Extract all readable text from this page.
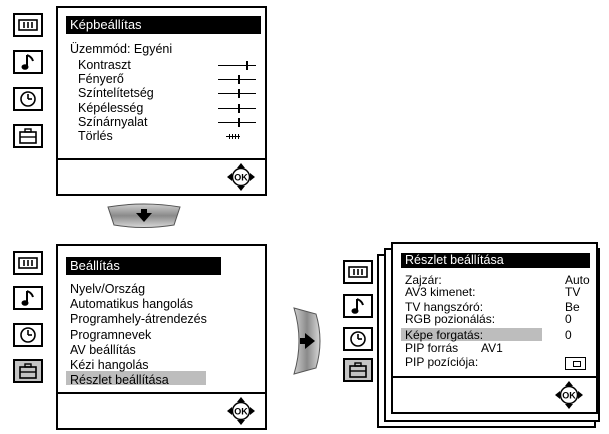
Képbeállítas
Üzemmód: Egyéni
Kontraszt
Fényerő
Színtelítetség
Képélesség
Színárnyalat
Törlés
OK
Beállítás
Nyelv/Ország
Automatikus hangolás
Programhely-átrendezés
Programnevek
AV beállítás
Kézi hangolás
Részlet beállítása
OK
Részlet beállítása
Zajzár:	Auto
AV3 kimenet:	TV
TV hangszóró:	Be
RGB pozionálás:	0
Képe forgatás:	0
PIP forrás AV1
PIP pozíciója:
OK
